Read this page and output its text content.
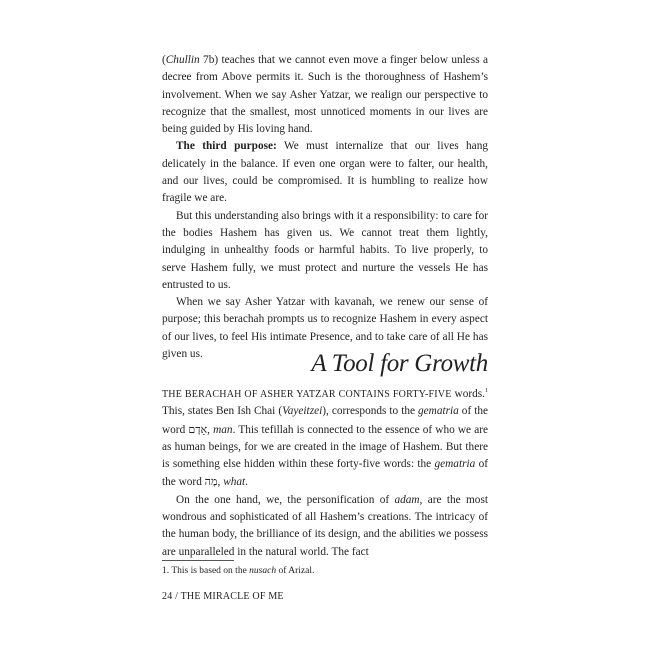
(Chullin 7b) teaches that we cannot even move a finger below unless a decree from Above permits it. Such is the thoroughness of Hashem’s involvement. When we say Asher Yatzar, we realign our perspective to recognize that the smallest, most unnoticed moments in our lives are being guided by His loving hand.

The third purpose: We must internalize that our lives hang delicately in the balance. If even one organ were to falter, our health, and our lives, could be compromised. It is humbling to realize how fragile we are.

But this understanding also brings with it a responsibility: to care for the bodies Hashem has given us. We cannot treat them lightly, indulging in unhealthy foods or harmful habits. To live properly, to serve Hashem fully, we must protect and nurture the vessels He has entrusted to us.

When we say Asher Yatzar with kavanah, we renew our sense of purpose; this berachah prompts us to recognize Hashem in every aspect of our lives, to feel His intimate Presence, and to take care of all He has given us.	A Tool for Growth

THE BERACHAH OF ASHER YATZAR CONTAINS FORTY-FIVE words.$^1$ This, states Ben Ish Chai (Vayeitzei), corresponds to the gematria of the word אָדָם, man. This tefillah is connected to the essence of who we are as human beings, for we are created in the image of Hashem. But there is something else hidden within these forty-five words: the gematria of the word מָה, what.

On the one hand, we, the personification of adam, are the most wondrous and sophisticated of all Hashem’s creations. The intricacy of the human body, the brilliance of its design, and the abilities we possess are unparalleled in the natural world. The fact

1. This is based on the nusach of Arizal.

24 / THE MIRACLE OF ME
